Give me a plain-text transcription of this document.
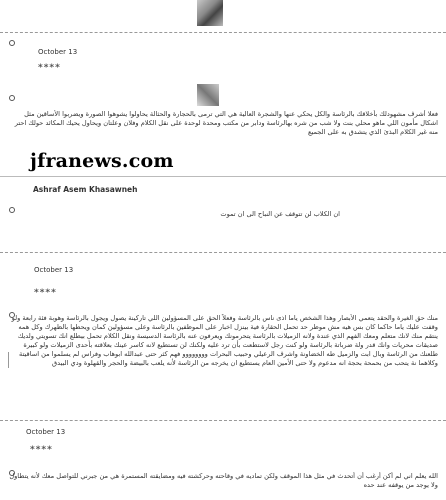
October 13
****
فعلا أشرف مشهودلك بأخلاقك بالرئاسة والكل يحكي عنها والشجرة العالية هي التي ترمى بالحجارة والحثالة يحاولوا يشوهوا الصورة ويضربوا الأساقين مثل اشكال مأمون اللي ماهو محلي بنت ولا شب من شره بهالرئاسة ودابر من مكتب ومحدة لوحدة على نقل الكلام وفلان وعلتان ويحاول يحيك المكائد حولك احتر منه غير الكلام البذئ الذي يتشدق به على الجميع
jfranews.com
Ashraf Asem Khasawneh
ان الكلاب لن تتوقف عن النباح الى ان تموت
October 13
****
منك حق الغيرة والحقد يتعمي الأبصار وهذا الشخص ياما اذى ناس بالرئاسة وفعلاً الحق على المسؤولين اللي تاركينة يصول ويجول بالرئاسة وهوبة فئة رابعة ولو وقفت عليك ياما حاكما كان بس هيه مش موظر حد تحمل الحقارة فية بينزل اخبار على الموظفين بالرئاسة وعلى مسؤولين كمان ويحطها بالظهرك وكل همه ينتقم منك لانك متعلم ومعك الفهم الذي عندة ولانه الزميلات بالرئاسة يتحرمونك ويعرفون عنه بالرئاسة الدسيسة ونقل الكلام تحمل بيطلع انك تسويتي ولديك صديقات محريات وانك قدر ولة ضرباتة بالرئاسة ولو كنت رجل لاستطعت بأن ترد عليه ولكنك لن تستطيع لانه كاسر عينك بعلاقته بأحدى الزميلات ولو كبيرة طلعنك من الرئاسة وبال ابت والزميل طه الخضاونة واشرف الرعيلي وحبيب البحرات وووووووو فهم كثر حتى عبدالله ابوهاب وفراس لم يسلموا من اساقيتة وكلاهما نة يتحب من بحمحة بحجة انه مدعوم ولا حتى الأمين العام يستطيع ان يخرجه من الرئاسة لأنه يلعب بالبيضة والحجر والقهلوة ودي البيدق
October 13
****
الله يعلم اني لم أكن أرغب أن أتحدث في مثل هذا الموقف ولكن تماديه في وقاحته وحركشته فيه ومضايقته المستمرة هي من جبرني للتواصل معك لأنه يتطاول ولا يوجد من يوقفه عند حده
